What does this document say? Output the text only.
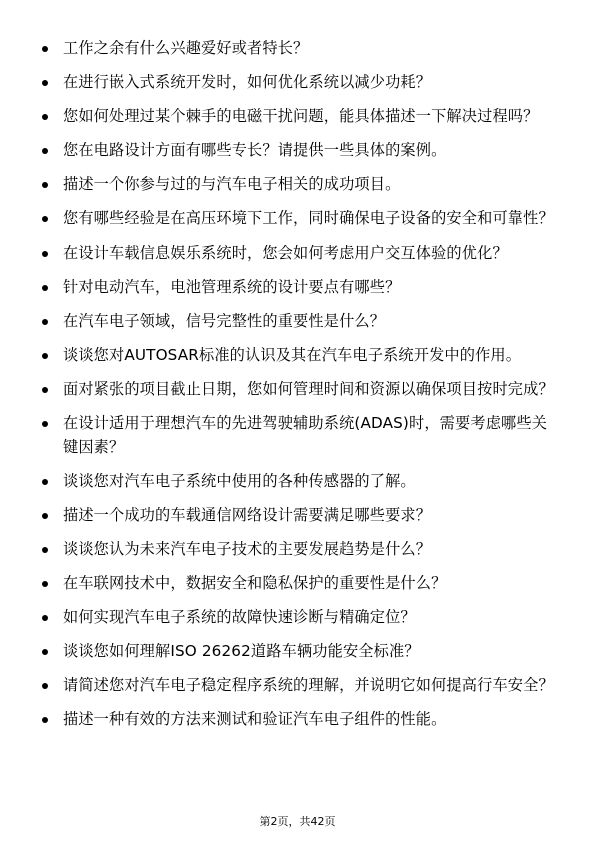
工作之余有什么兴趣爱好或者特长？
在进行嵌入式系统开发时，如何优化系统以减少功耗？
您如何处理过某个棘手的电磁干扰问题，能具体描述一下解决过程吗？
您在电路设计方面有哪些专长？请提供一些具体的案例。
描述一个你参与过的与汽车电子相关的成功项目。
您有哪些经验是在高压环境下工作，同时确保电子设备的安全和可靠性？
在设计车载信息娱乐系统时，您会如何考虑用户交互体验的优化？
针对电动汽车，电池管理系统的设计要点有哪些？
在汽车电子领域，信号完整性的重要性是什么？
谈谈您对AUTOSAR标准的认识及其在汽车电子系统开发中的作用。
面对紧张的项目截止日期，您如何管理时间和资源以确保项目按时完成？
在设计适用于理想汽车的先进驾驶辅助系统(ADAS)时，需要考虑哪些关键因素？
谈谈您对汽车电子系统中使用的各种传感器的了解。
描述一个成功的车载通信网络设计需要满足哪些要求？
谈谈您认为未来汽车电子技术的主要发展趋势是什么？
在车联网技术中，数据安全和隐私保护的重要性是什么？
如何实现汽车电子系统的故障快速诊断与精确定位？
谈谈您如何理解ISO 26262道路车辆功能安全标准？
请简述您对汽车电子稳定程序系统的理解，并说明它如何提高行车安全？
描述一种有效的方法来测试和验证汽车电子组件的性能。
第2页，共42页
